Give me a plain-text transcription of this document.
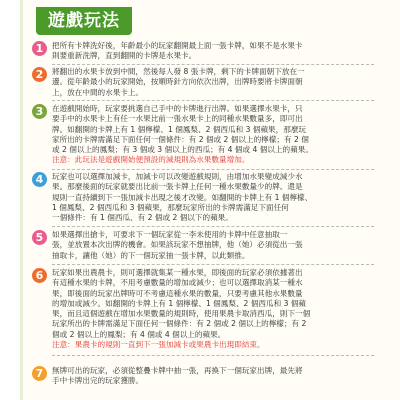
遊戲玩法
1	把所有卡牌洗好後，年齡最小的玩家翻開最上面一張卡牌，如果不是水果卡
則要重新洗牌，直到翻開的卡牌是水果卡。
2	將翻出的水果卡放到中間，然後每人發 8 張卡牌，剩下的卡牌面朝下放在一
邊。從年齡最小的玩家開始，按順時針方向依次出牌，出牌時要將卡牌面朝
上，放在中間的水果卡上。
3	在遊戲開始時，玩家要挑選自己手中的卡牌進行出牌。如果選擇水果卡，只
要手中的水果卡上有任一水果比前一張水果卡上的同種水果數量多，即可出
牌。如翻開的卡牌上有 1 個檸檬、1 個鳳梨、2 個西瓜和 3 個蘋果，那麼玩
家所出的卡牌需滿足下面任何一個條件：有 2 個或 2 個以上的檸檬；有 2 個
或 2 個以上的鳳梨；有 3 個或 3 個以上的西瓜；有 4 個或 4 個以上的蘋果。
注意：此玩法是遊戲開始便預設的減規則為水果數量增加。
4	玩家也可以選擇加減卡，加減卡可以改變遊戲規則，由增加水果變成減少水
果。那麼後面的玩家就要出比前一張卡牌上任何一種水果數量少的牌。還是
規則一直持續到下一張加減卡出現之後才改變。如翻開的卡牌上有 1 個檸檬、
1 個鳳梨、2 個西瓜和 3 個蘋果，那麼玩家所出的卡牌需滿足下面任何
一個條件：有 1 個西瓜、有 2 個或 2 個以下的蘋果。
5	如果選擇出搶卡，可要求下一個玩家從一李未使用的卡牌中任意抽取一
張，並放置本次出牌的機會。如果該玩家不想抽牌，他（她）必須從出一張
抽取卡，讓他（她）的下一個玩家抽一張卡牌，以此類推。
6	玩家如果出農農卡，則可選擇就集某一種水果，即後面的玩家必須依據著出
有這種水果的卡牌，不用考慮數量的增加或減少；也可以選擇取消某一種水
果，即後面的玩家出牌時可不考慮這種水果的數量，只要考慮其他水果數量
的增加或減少。如翻開的卡牌上有 1 個檸檬、1 個鳳梨、2 個西瓜和 3 個蘋
果，而且這個遊戲在增加水果數量的規則時，使用果農卡取消西瓜，則下一個
玩家所出的卡牌需滿足下面任何一個條件：有 2 個或 2 個以上的檸檬；有 2
個或 2 個以上的鳳梨；有 4 個或 4 個以上的蘋果。
注意：果農卡的規則一直到下一張加減卡或果農卡出現即結束。
7	無牌可出的玩家，必須從整疊卡牌中抽一張，再換下一個玩家出牌，最先將
手中卡牌出完的玩家獲勝。
